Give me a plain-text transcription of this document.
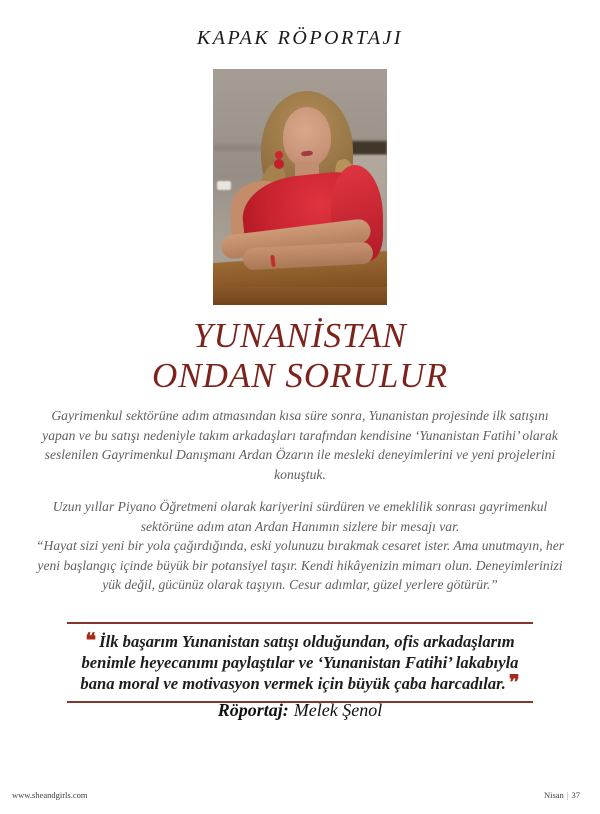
KAPAK RÖPORTAJI
YUNANİSTAN
ONDAN SORULUR

Gayrimenkul sektörüne adım atmasından kısa süre sonra, Yunanistan projesinde ilk satışını yapan ve bu satışı nedeniyle takım arkadaşları tarafından kendisine ‘Yunanistan Fatihi’ olarak seslenilen Gayrimenkul Danışmanı Ardan Özarın ile mesleki deneyimlerini ve yeni projelerini konuştuk.

Uzun yıllar Piyano Öğretmeni olarak kariyerini sürdüren ve emeklilik sonrası gayrimenkul sektörüne adım atan Ardan Hanımın sizlere bir mesajı var.

“Hayat sizi yeni bir yola çağırdığında, eski yolunuzu bırakmak cesaret ister. Ama unutmayın, her yeni başlangıç içinde büyük bir potansiyel taşır. Kendi hikâyenizin mimarı olun. Deneyimlerinizi yük değil, gücünüz olarak taşıyın. Cesur adımlar, güzel yerlere götürür.”

❝ İlk başarım Yunanistan satışı olduğundan, ofis arkadaşlarım benimle heyecanımı paylaştılar ve ‘Yunanistan Fatihi’ lakabıyla bana moral ve motivasyon vermek için büyük çaba harcadılar. ❞

Röportaj: Melek Şenol

www.sheandgirls.com	Nisan | 37
